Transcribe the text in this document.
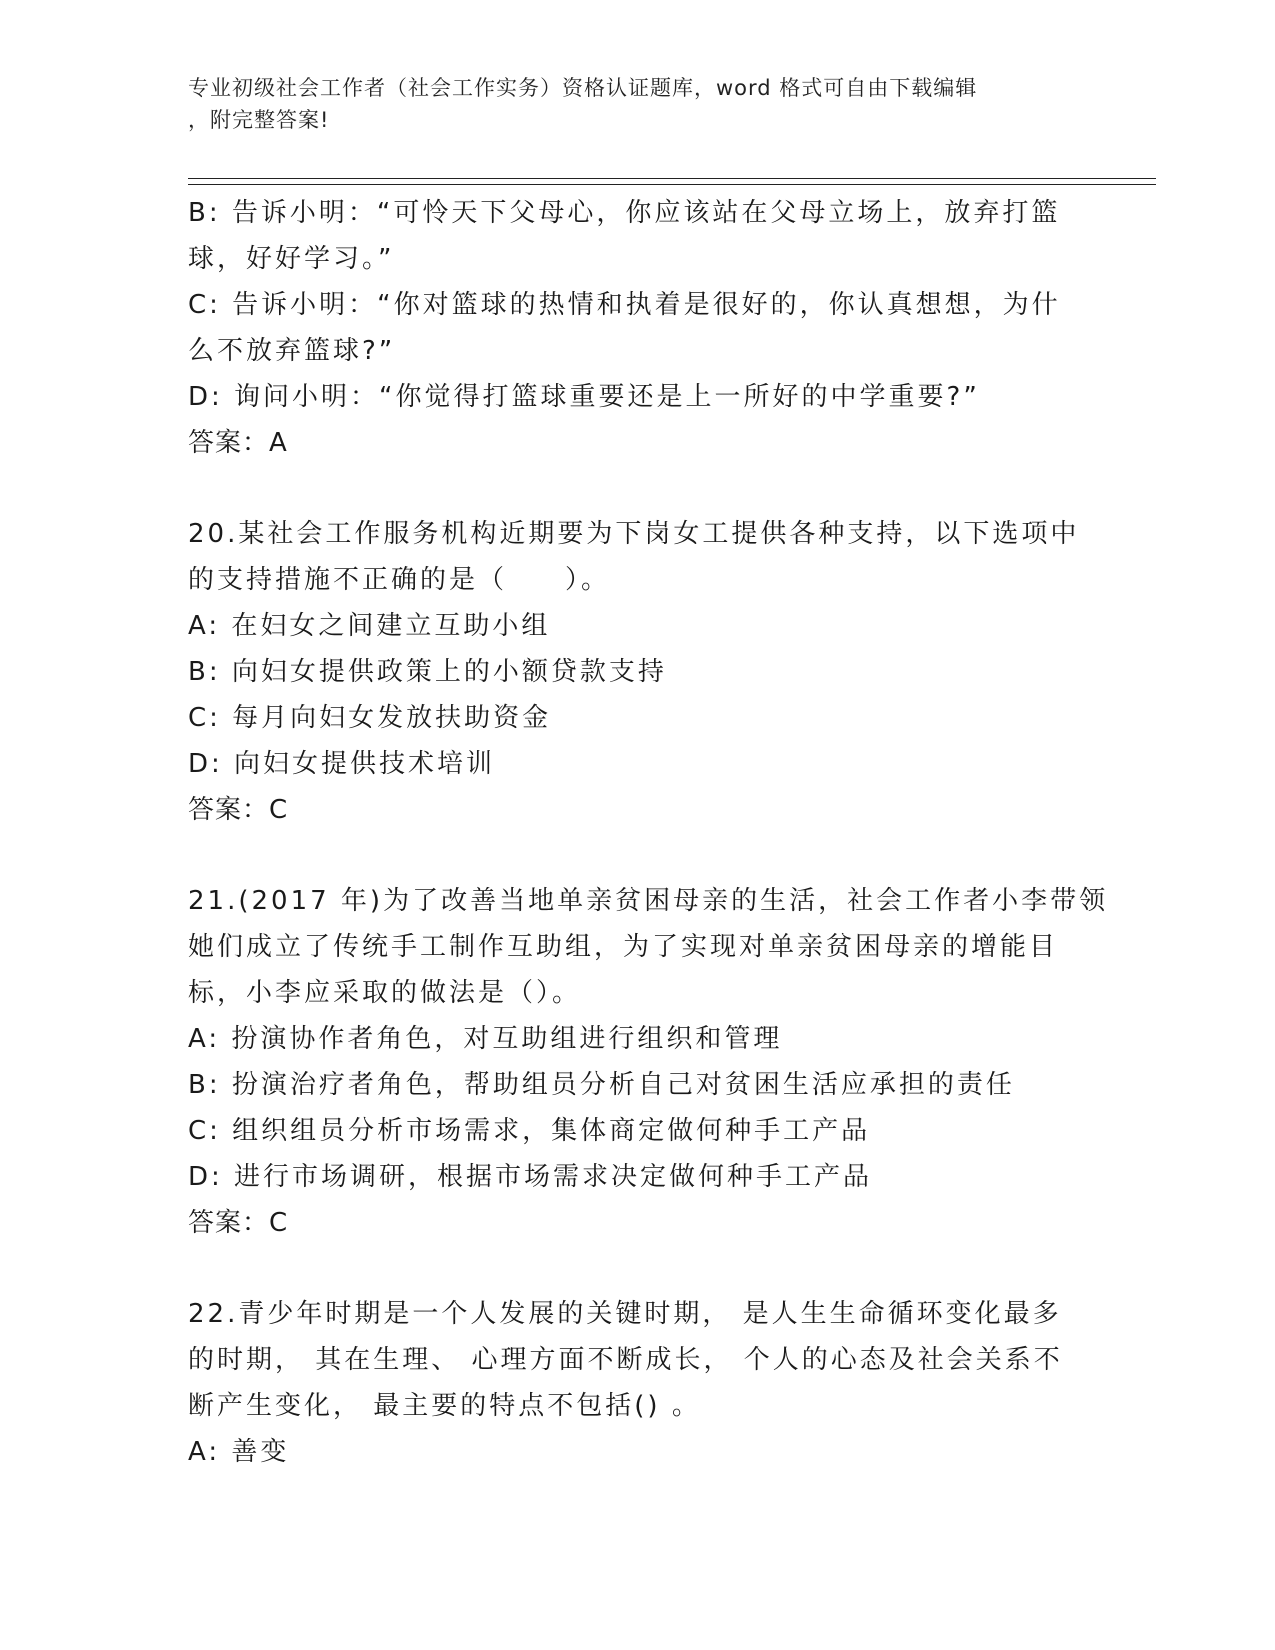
专业初级社会工作者（社会工作实务）资格认证题库，word 格式可自由下载编辑
，附完整答案!
B: 告诉小明：“可怜天下父母心，你应该站在父母立场上，放弃打篮
球，好好学习。”
C: 告诉小明：“你对篮球的热情和执着是很好的，你认真想想，为什
么不放弃篮球?”
D: 询问小明：“你觉得打篮球重要还是上一所好的中学重要?”
答案：A
20.某社会工作服务机构近期要为下岗女工提供各种支持，以下选项中
的支持措施不正确的是（　　）。
A: 在妇女之间建立互助小组
B: 向妇女提供政策上的小额贷款支持
C: 每月向妇女发放扶助资金
D: 向妇女提供技术培训
答案：C
21.(2017 年)为了改善当地单亲贫困母亲的生活，社会工作者小李带领
她们成立了传统手工制作互助组，为了实现对单亲贫困母亲的增能目
标，小李应采取的做法是（）。
A: 扮演协作者角色，对互助组进行组织和管理
B: 扮演治疗者角色，帮助组员分析自己对贫困生活应承担的责任
C: 组织组员分析市场需求，集体商定做何种手工产品
D: 进行市场调研，根据市场需求决定做何种手工产品
答案：C
22.青少年时期是一个人发展的关键时期， 是人生生命循环变化最多
的时期， 其在生理、 心理方面不断成长， 个人的心态及社会关系不
断产生变化， 最主要的特点不包括() 。
A: 善变
